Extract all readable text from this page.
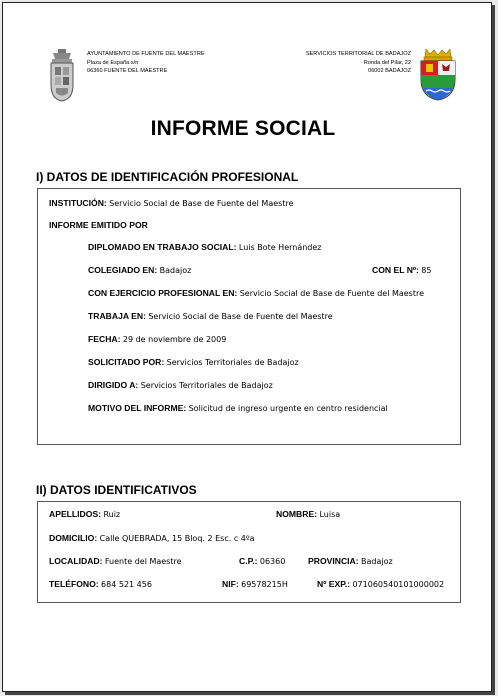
AYUNTAMIENTO DE FUENTE DEL MAESTRE
Plaza de España s/n
06360 FUENTE DEL MAESTRE
SERVICIOS TERRITORIAL DE BADAJOZ
Ronda del Pilar, 22
06002 BADAJOZ
INFORME SOCIAL
I) DATOS DE IDENTIFICACIÓN PROFESIONAL
INSTITUCIÓN: Servicio Social de Base de Fuente del Maestre
INFORME EMITIDO POR
DIPLOMADO EN TRABAJO SOCIAL: Luis Bote Hernández
COLEGIADO EN: Badajoz	CON EL Nº: 85
CON EJERCICIO PROFESIONAL EN: Servicio Social de Base de Fuente del Maestre
TRABAJA EN: Servicio Social de Base de Fuente del Maestre
FECHA: 29 de noviembre de 2009
SOLICITADO POR: Servicios Territoriales de Badajoz
DIRIGIDO A: Servicios Territoriales de Badajoz
MOTIVO DEL INFORME: Solicitud de ingreso urgente en centro residencial
II) DATOS IDENTIFICATIVOS
APELLIDOS: Ruiz	NOMBRE: Luisa
DOMICILIO: Calle QUEBRADA, 15 Bloq. 2 Esc. c 4ºa
LOCALIDAD: Fuente del Maestre	C.P.: 06360	PROVINCIA: Badajoz
TELÉFONO: 684 521 456	NIF: 69578215H	Nº EXP.: 071060540101000002
